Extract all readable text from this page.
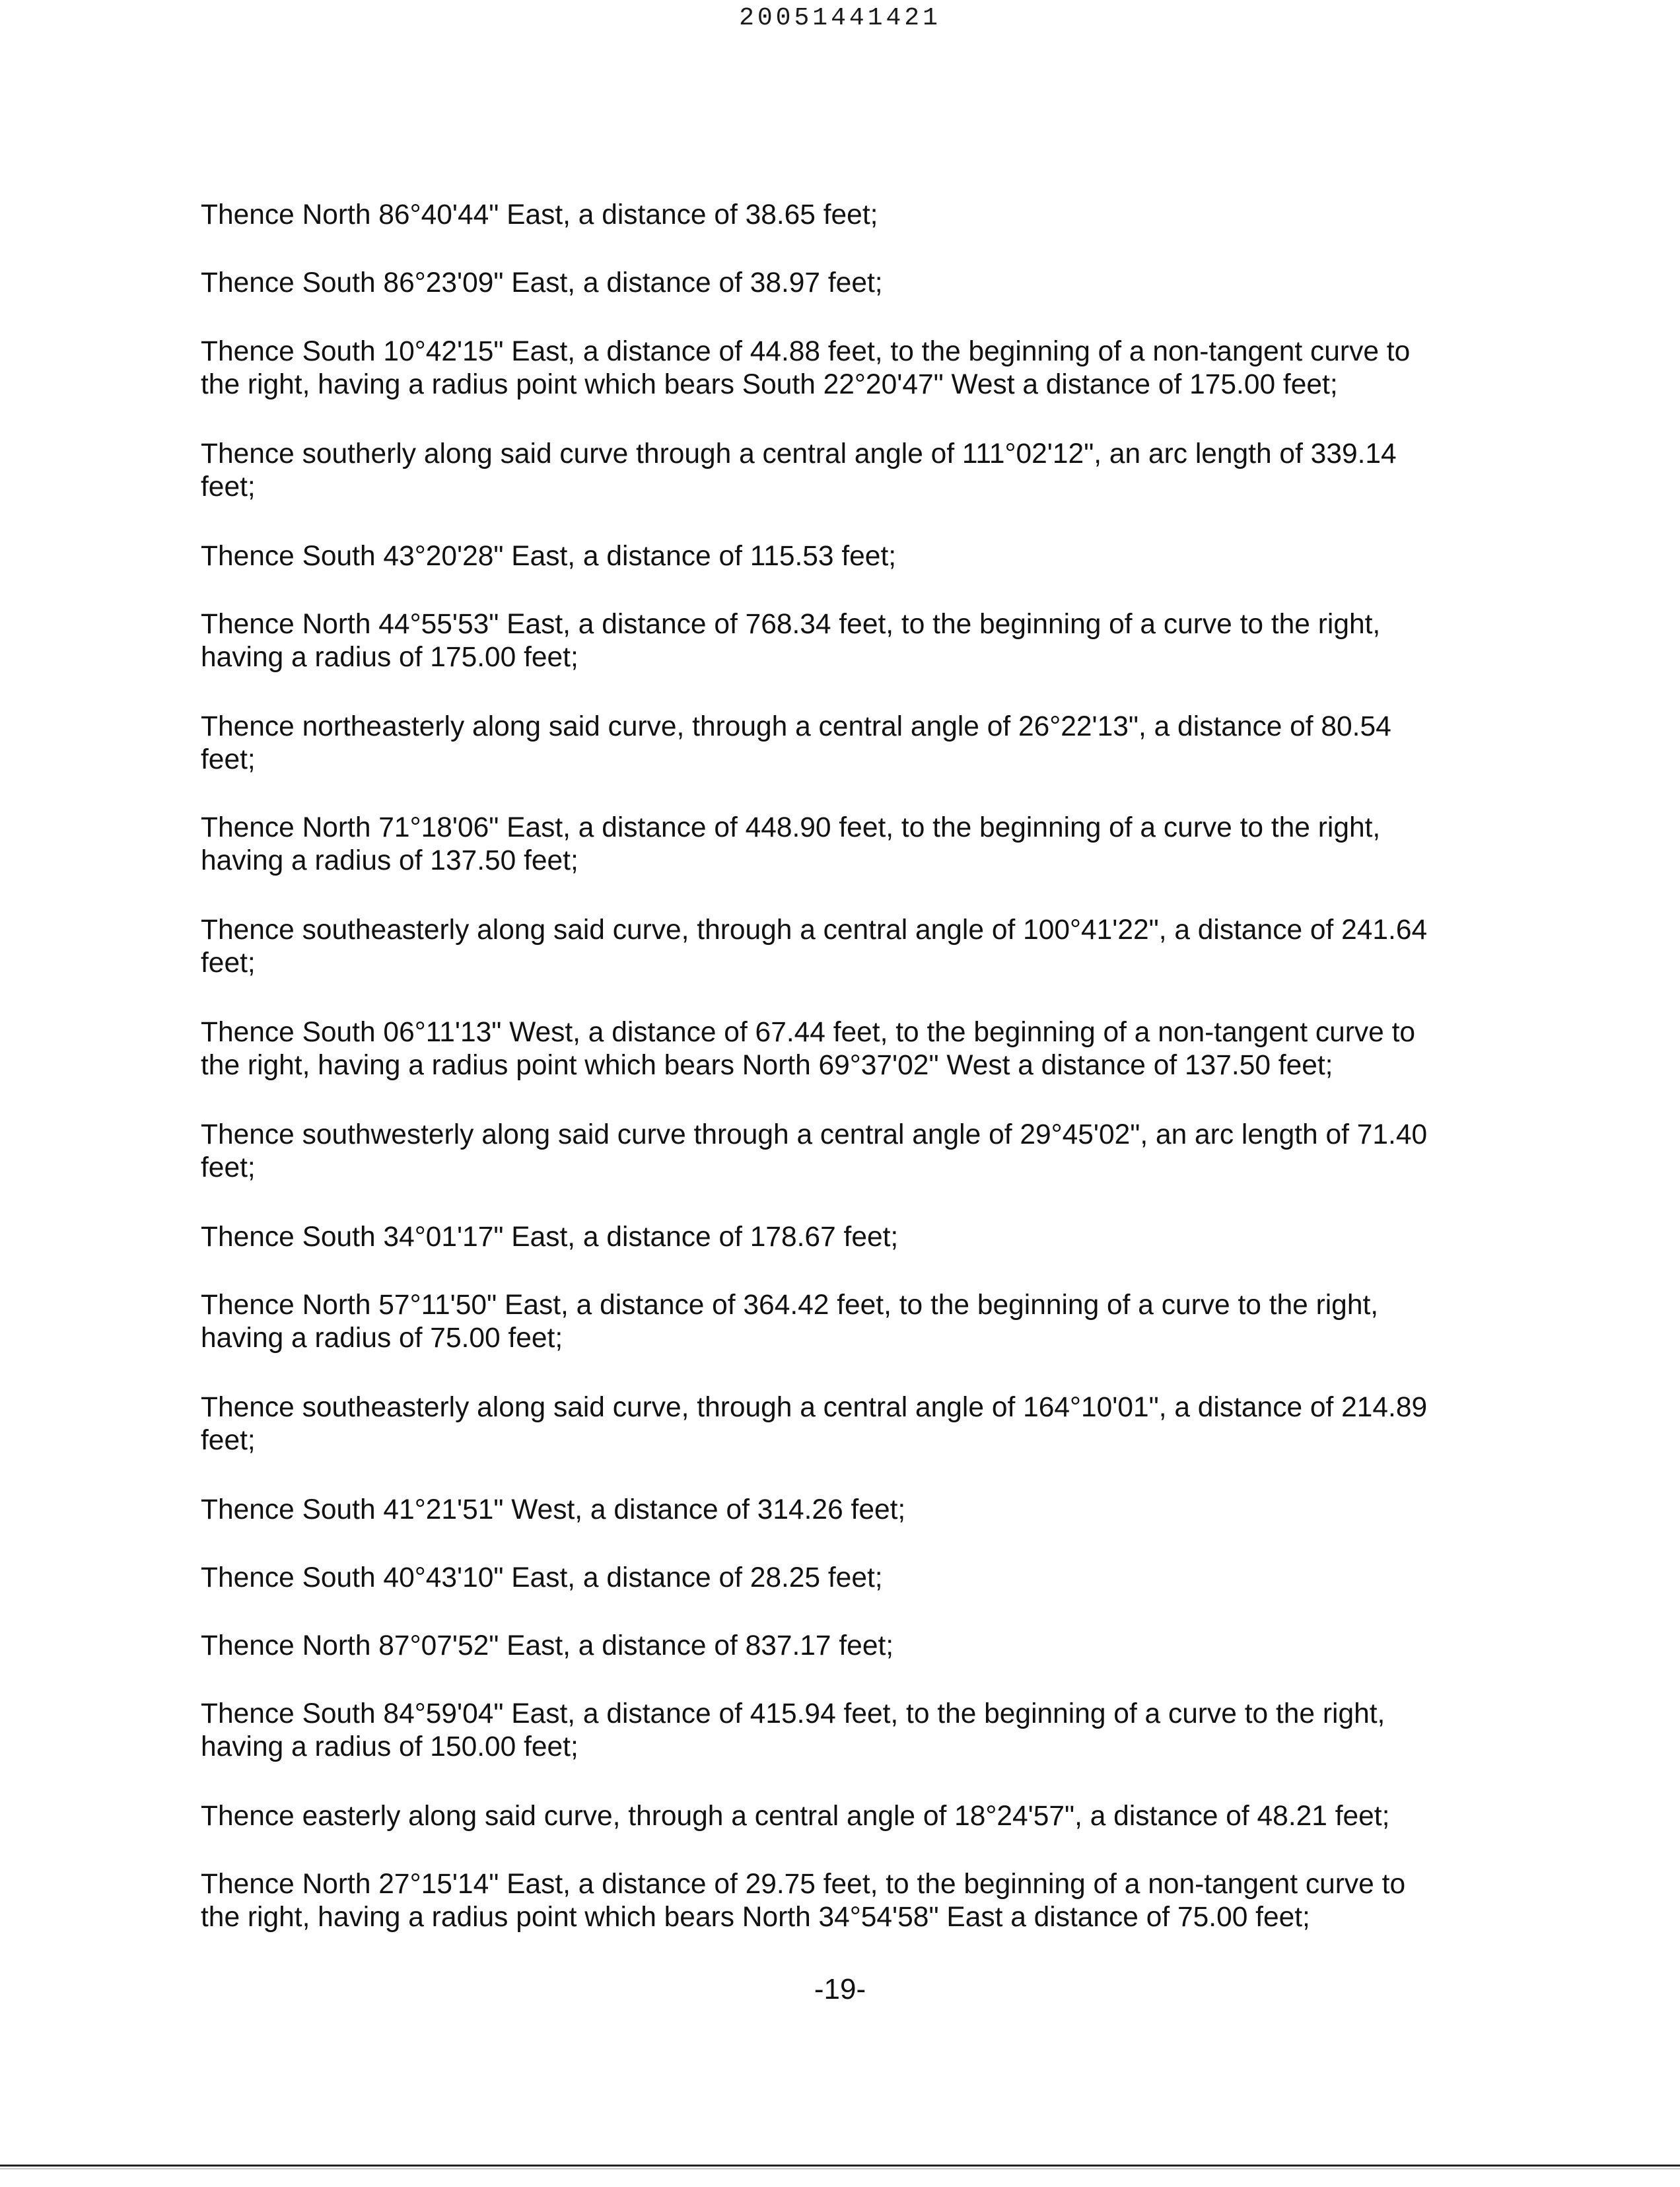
20051441421

Thence North 86°40'44" East, a distance of 38.65 feet;

Thence South 86°23'09" East, a distance of 38.97 feet;

Thence South 10°42'15" East, a distance of 44.88 feet, to the beginning of a non-tangent curve to
the right, having a radius point which bears South 22°20'47" West a distance of 175.00 feet;

Thence southerly along said curve through a central angle of 111°02'12", an arc length of 339.14
feet;

Thence South 43°20'28" East, a distance of 115.53 feet;

Thence North 44°55'53" East, a distance of 768.34 feet, to the beginning of a curve to the right,
having a radius of 175.00 feet;

Thence northeasterly along said curve, through a central angle of 26°22'13", a distance of 80.54
feet;

Thence North 71°18'06" East, a distance of 448.90 feet, to the beginning of a curve to the right,
having a radius of 137.50 feet;

Thence southeasterly along said curve, through a central angle of 100°41'22", a distance of 241.64
feet;

Thence South 06°11'13" West, a distance of 67.44 feet, to the beginning of a non-tangent curve to
the right, having a radius point which bears North 69°37'02" West a distance of 137.50 feet;

Thence southwesterly along said curve through a central angle of 29°45'02", an arc length of 71.40
feet;

Thence South 34°01'17" East, a distance of 178.67 feet;

Thence North 57°11'50" East, a distance of 364.42 feet, to the beginning of a curve to the right,
having a radius of 75.00 feet;

Thence southeasterly along said curve, through a central angle of 164°10'01", a distance of 214.89
feet;

Thence South 41°21'51" West, a distance of 314.26 feet;

Thence South 40°43'10" East, a distance of 28.25 feet;

Thence North 87°07'52" East, a distance of 837.17 feet;

Thence South 84°59'04" East, a distance of 415.94 feet, to the beginning of a curve to the right,
having a radius of 150.00 feet;

Thence easterly along said curve, through a central angle of 18°24'57", a distance of 48.21 feet;

Thence North 27°15'14" East, a distance of 29.75 feet, to the beginning of a non-tangent curve to
the right, having a radius point which bears North 34°54'58" East a distance of 75.00 feet;

-19-
